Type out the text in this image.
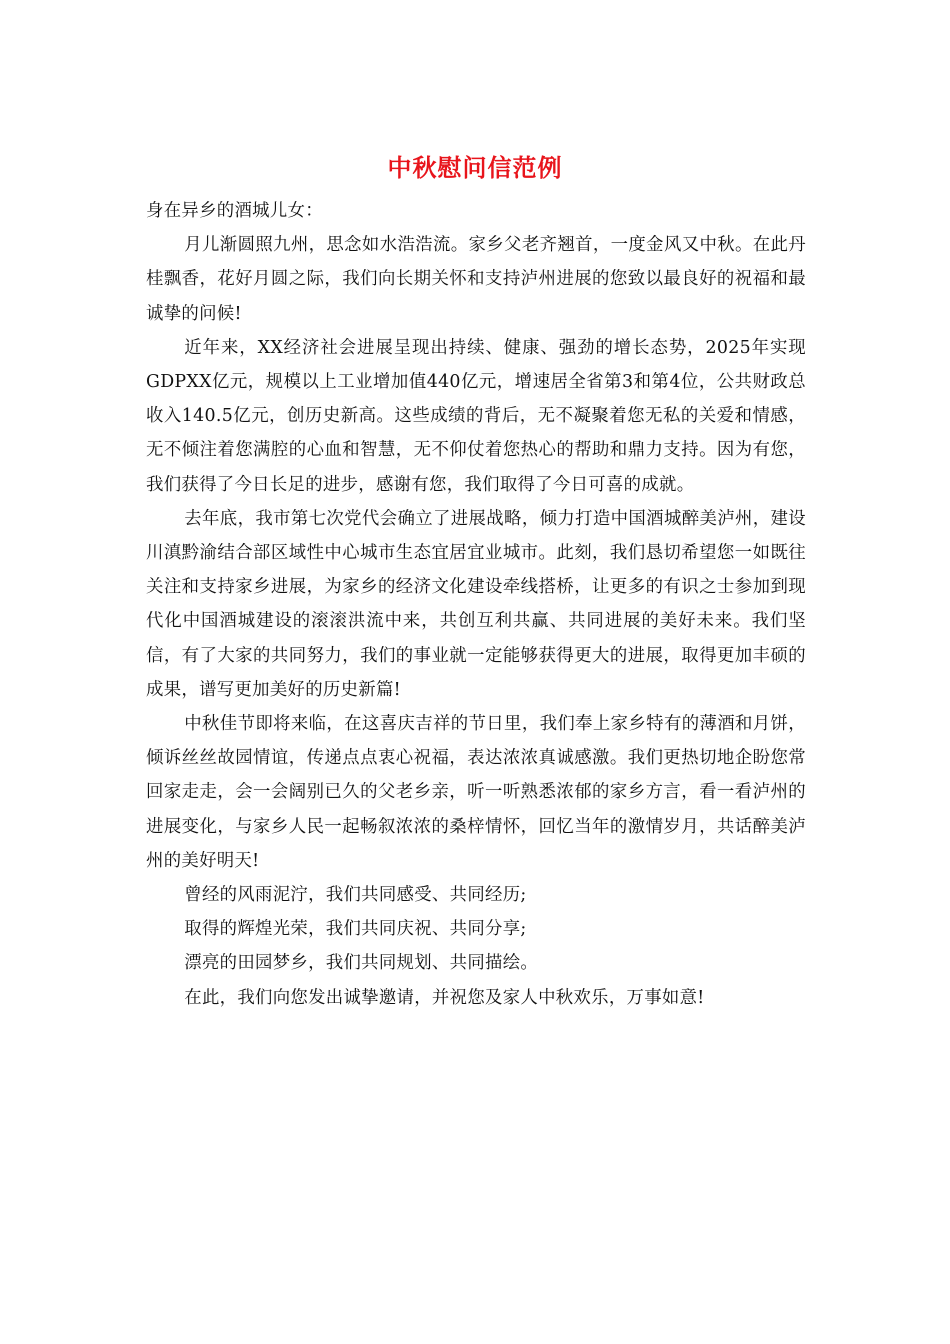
中秋慰问信范例

身在异乡的酒城儿女：

月儿渐圆照九州，思念如水浩浩流。家乡父老齐翘首，一度金风又中秋。在此丹桂飘香，花好月圆之际，我们向长期关怀和支持泸州进展的您致以最良好的祝福和最诚挚的问候!

近年来，XX经济社会进展呈现出持续、健康、强劲的增长态势，2025年实现GDPXX亿元，规模以上工业增加值440亿元，增速居全省第3和第4位，公共财政总收入140.5亿元，创历史新高。这些成绩的背后，无不凝聚着您无私的关爱和情感，无不倾注着您满腔的心血和智慧，无不仰仗着您热心的帮助和鼎力支持。因为有您，我们获得了今日长足的进步，感谢有您，我们取得了今日可喜的成就。

去年底，我市第七次党代会确立了进展战略，倾力打造中国酒城醉美泸州，建设川滇黔渝结合部区域性中心城市生态宜居宜业城市。此刻，我们恳切希望您一如既往关注和支持家乡进展，为家乡的经济文化建设牵线搭桥，让更多的有识之士参加到现代化中国酒城建设的滚滚洪流中来，共创互利共赢、共同进展的美好未来。我们坚信，有了大家的共同努力，我们的事业就一定能够获得更大的进展，取得更加丰硕的成果，谱写更加美好的历史新篇!

中秋佳节即将来临，在这喜庆吉祥的节日里，我们奉上家乡特有的薄酒和月饼，倾诉丝丝故园情谊，传递点点衷心祝福，表达浓浓真诚感激。我们更热切地企盼您常回家走走，会一会阔别已久的父老乡亲，听一听熟悉浓郁的家乡方言，看一看泸州的进展变化，与家乡人民一起畅叙浓浓的桑梓情怀，回忆当年的激情岁月，共话醉美泸州的美好明天!

曾经的风雨泥泞，我们共同感受、共同经历;

取得的辉煌光荣，我们共同庆祝、共同分享;

漂亮的田园梦乡，我们共同规划、共同描绘。

在此，我们向您发出诚挚邀请，并祝您及家人中秋欢乐，万事如意!
